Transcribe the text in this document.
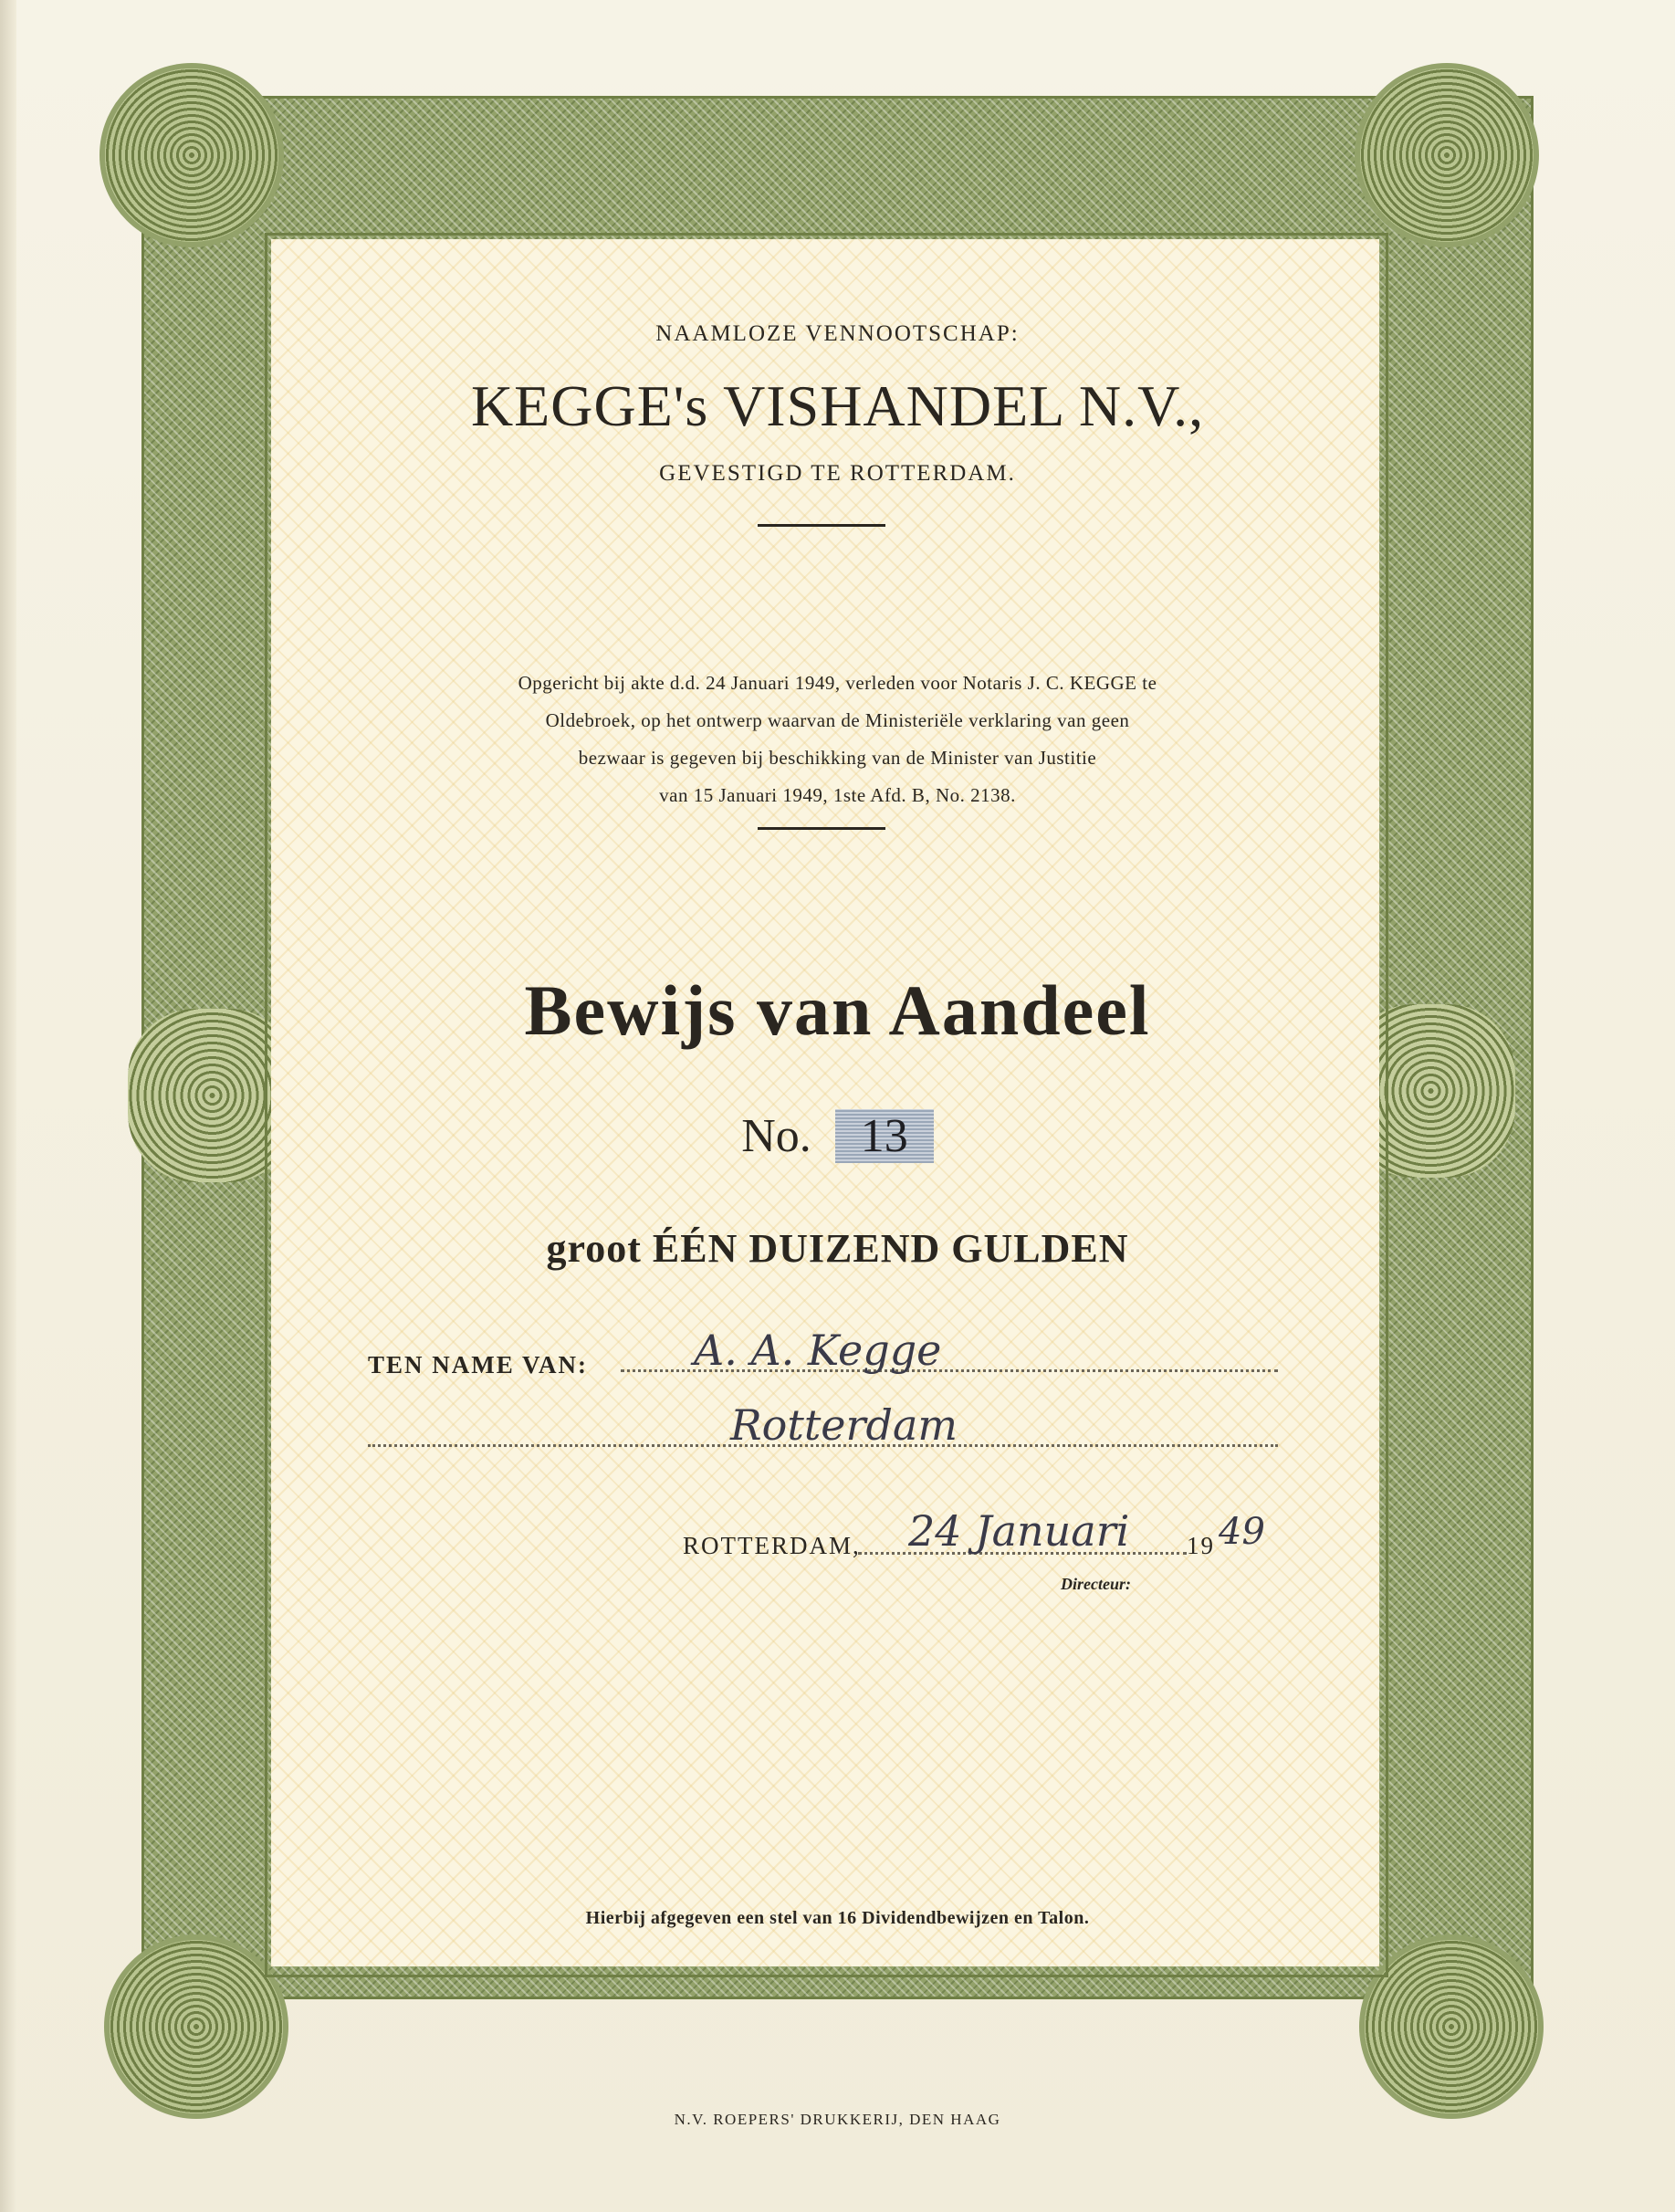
NAAMLOZE VENNOOTSCHAP:
KEGGE's VISHANDEL N.V.,
GEVESTIGD TE ROTTERDAM.
Opgericht bij akte d.d. 24 Januari 1949, verleden voor Notaris J. C. KEGGE te
Oldebroek, op het ontwerp waarvan de Ministeriële verklaring van geen
bezwaar is gegeven bij beschikking van de Minister van Justitie
van 15 Januari 1949, 1ste Afd. B, No. 2138.
Bewijs van Aandeel
No. 13
groot ÉÉN DUIZEND GULDEN
TEN NAME VAN:	A. A. Kegge
Rotterdam
ROTTERDAM, 24 Januari 19 49
Directeur:
Hierbij afgegeven een stel van 16 Dividendbewijzen en Talon.
N.V. ROEPERS' DRUKKERIJ, DEN HAAG
